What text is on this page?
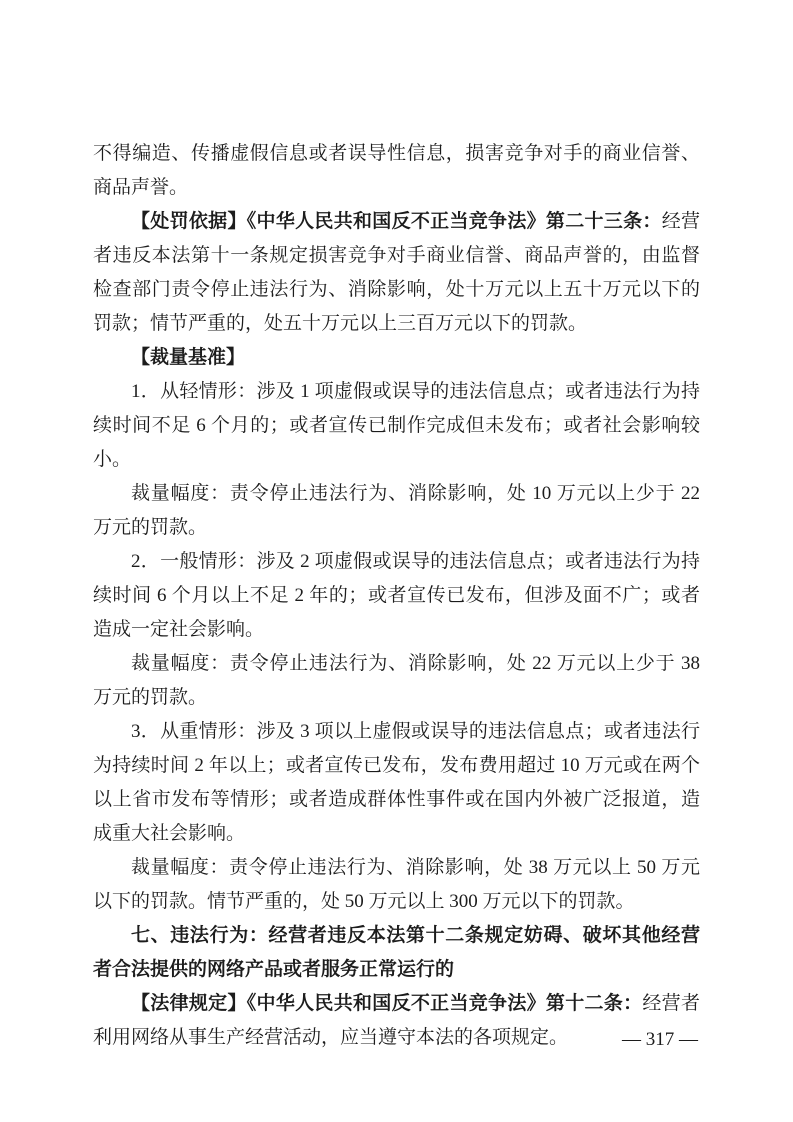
不得编造、传播虚假信息或者误导性信息，损害竞争对手的商业信誉、商品声誉。

【处罚依据】《中华人民共和国反不正当竞争法》第二十三条：经营者违反本法第十一条规定损害竞争对手商业信誉、商品声誉的，由监督检查部门责令停止违法行为、消除影响，处十万元以上五十万元以下的罚款；情节严重的，处五十万元以上三百万元以下的罚款。

【裁量基准】

1．从轻情形：涉及 1 项虚假或误导的违法信息点；或者违法行为持续时间不足 6 个月的；或者宣传已制作完成但未发布；或者社会影响较小。

裁量幅度：责令停止违法行为、消除影响，处 10 万元以上少于 22 万元的罚款。

2．一般情形：涉及 2 项虚假或误导的违法信息点；或者违法行为持续时间 6 个月以上不足 2 年的；或者宣传已发布，但涉及面不广；或者造成一定社会影响。

裁量幅度：责令停止违法行为、消除影响，处 22 万元以上少于 38 万元的罚款。

3．从重情形：涉及 3 项以上虚假或误导的违法信息点；或者违法行为持续时间 2 年以上；或者宣传已发布，发布费用超过 10 万元或在两个以上省市发布等情形；或者造成群体性事件或在国内外被广泛报道，造成重大社会影响。

裁量幅度：责令停止违法行为、消除影响，处 38 万元以上 50 万元以下的罚款。情节严重的，处 50 万元以上 300 万元以下的罚款。

七、违法行为：经营者违反本法第十二条规定妨碍、破坏其他经营者合法提供的网络产品或者服务正常运行的

【法律规定】《中华人民共和国反不正当竞争法》第十二条：经营者利用网络从事生产经营活动，应当遵守本法的各项规定。	— 317 —
